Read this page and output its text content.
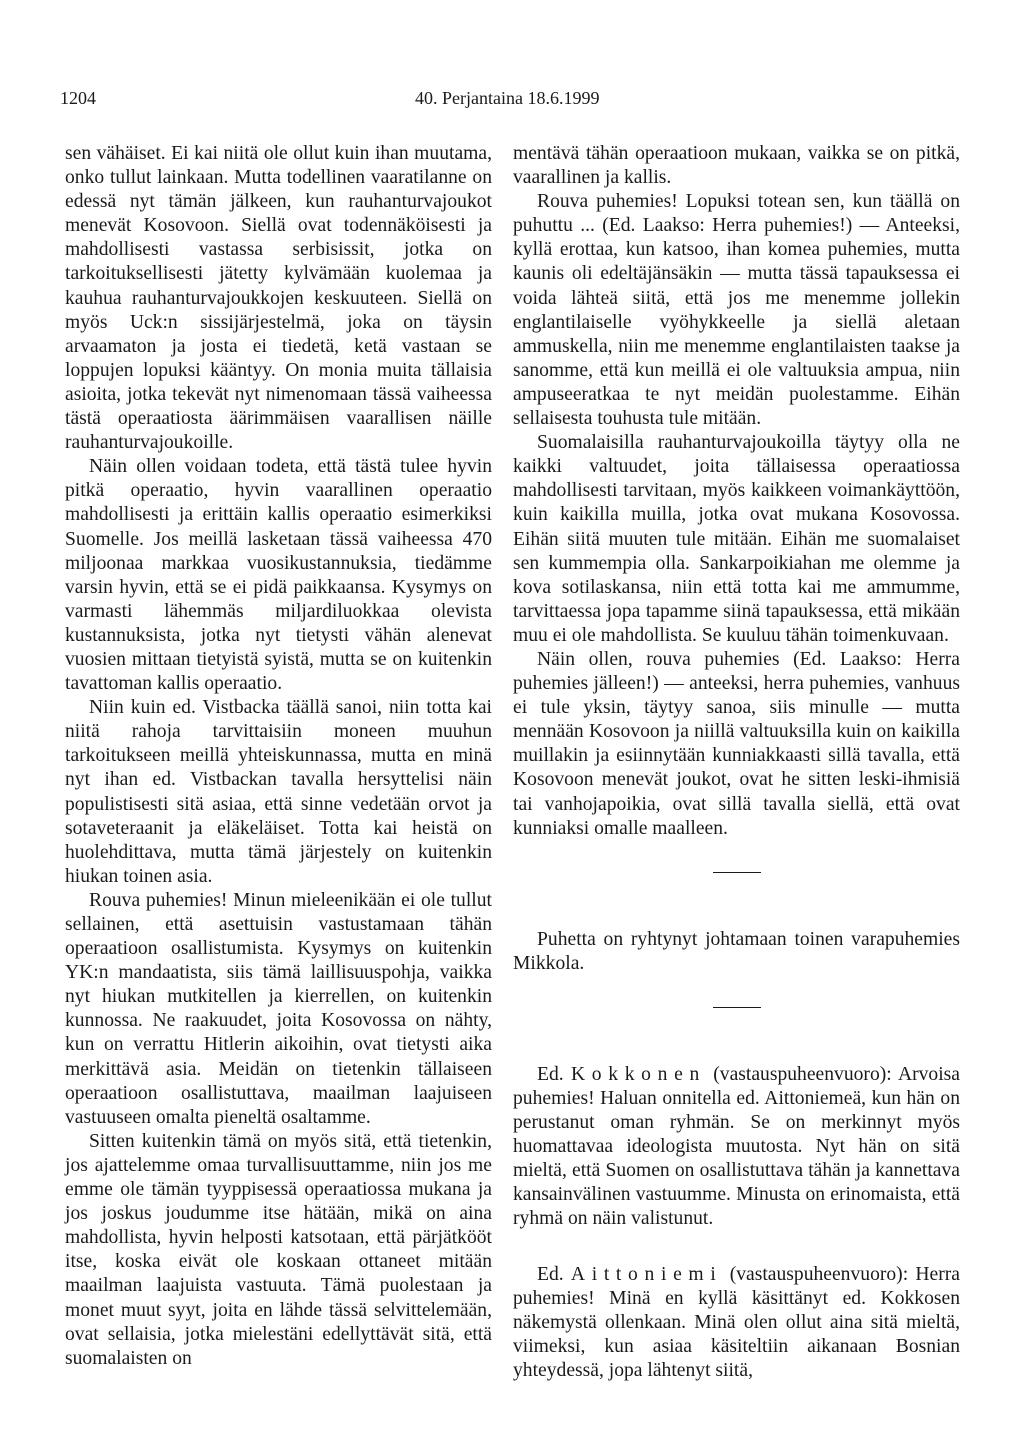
1204	40. Perjantaina 18.6.1999

sen vähäiset. Ei kai niitä ole ollut kuin ihan muutama, onko tullut lainkaan. Mutta todellinen vaaratilanne on edessä nyt tämän jälkeen, kun rauhanturvajoukot menevät Kosovoon. Siellä ovat todennäköisesti ja mahdollisesti vastassa serbisissit, jotka on tarkoituksellisesti jätetty kylvämään kuolemaa ja kauhua rauhanturvajoukkojen keskuuteen. Siellä on myös Uck:n sissijärjestelmä, joka on täysin arvaamaton ja josta ei tiedetä, ketä vastaan se loppujen lopuksi kääntyy. On monia muita tällaisia asioita, jotka tekevät nyt nimenomaan tässä vaiheessa tästä operaatiosta äärimmäisen vaarallisen näille rauhanturvajoukoille.

Näin ollen voidaan todeta, että tästä tulee hyvin pitkä operaatio, hyvin vaarallinen operaatio mahdollisesti ja erittäin kallis operaatio esimerkiksi Suomelle. Jos meillä lasketaan tässä vaiheessa 470 miljoonaa markkaa vuosikustannuksia, tiedämme varsin hyvin, että se ei pidä paikkaansa. Kysymys on varmasti lähemmäs miljardiluokkaa olevista kustannuksista, jotka nyt tietysti vähän alenevat vuosien mittaan tietyistä syistä, mutta se on kuitenkin tavattoman kallis operaatio.

Niin kuin ed. Vistbacka täällä sanoi, niin totta kai niitä rahoja tarvittaisiin moneen muuhun tarkoitukseen meillä yhteiskunnassa, mutta en minä nyt ihan ed. Vistbackan tavalla hersyttelisi näin populistisesti sitä asiaa, että sinne vedetään orvot ja sotaveteraanit ja eläkeläiset. Totta kai heistä on huolehdittava, mutta tämä järjestely on kuitenkin hiukan toinen asia.

Rouva puhemies! Minun mieleenikään ei ole tullut sellainen, että asettuisin vastustamaan tähän operaatioon osallistumista. Kysymys on kuitenkin YK:n mandaatista, siis tämä laillisuuspohja, vaikka nyt hiukan mutkitellen ja kierrellen, on kuitenkin kunnossa. Ne raakuudet, joita Kosovossa on nähty, kun on verrattu Hitlerin aikoihin, ovat tietysti aika merkittävä asia. Meidän on tietenkin tällaiseen operaatioon osallistuttava, maailman laajuiseen vastuuseen omalta pieneltä osaltamme.

Sitten kuitenkin tämä on myös sitä, että tietenkin, jos ajattelemme omaa turvallisuuttamme, niin jos me emme ole tämän tyyppisessä operaatiossa mukana ja jos joskus joudumme itse hätään, mikä on aina mahdollista, hyvin helposti katsotaan, että pärjätkööt itse, koska eivät ole koskaan ottaneet mitään maailman laajuista vastuuta. Tämä puolestaan ja monet muut syyt, joita en lähde tässä selvittelemään, ovat sellaisia, jotka mielestäni edellyttävät sitä, että suomalaisten on

mentävä tähän operaatioon mukaan, vaikka se on pitkä, vaarallinen ja kallis.

Rouva puhemies! Lopuksi totean sen, kun täällä on puhuttu ... (Ed. Laakso: Herra puhemies!) — Anteeksi, kyllä erottaa, kun katsoo, ihan komea puhemies, mutta kaunis oli edeltäjänsäkin — mutta tässä tapauksessa ei voida lähteä siitä, että jos me menemme jollekin englantilaiselle vyöhykkeelle ja siellä aletaan ammuskella, niin me menemme englantilaisten taakse ja sanomme, että kun meillä ei ole valtuuksia ampua, niin ampuseeratkaa te nyt meidän puolestamme. Eihän sellaisesta touhusta tule mitään.

Suomalaisilla rauhanturvajoukoilla täytyy olla ne kaikki valtuudet, joita tällaisessa operaatiossa mahdollisesti tarvitaan, myös kaikkeen voimankäyttöön, kuin kaikilla muilla, jotka ovat mukana Kosovossa. Eihän siitä muuten tule mitään. Eihän me suomalaiset sen kummempia olla. Sankarpoikiahan me olemme ja kova sotilaskansa, niin että totta kai me ammumme, tarvittaessa jopa tapamme siinä tapauksessa, että mikään muu ei ole mahdollista. Se kuuluu tähän toimenkuvaan.

Näin ollen, rouva puhemies (Ed. Laakso: Herra puhemies jälleen!) — anteeksi, herra puhemies, vanhuus ei tule yksin, täytyy sanoa, siis minulle — mutta mennään Kosovoon ja niillä valtuuksilla kuin on kaikilla muillakin ja esiinnytään kunniakkaasti sillä tavalla, että Kosovoon menevät joukot, ovat he sitten leski-ihmisiä tai vanhojapoikia, ovat sillä tavalla siellä, että ovat kunniaksi omalle maalleen.

Puhetta on ryhtynyt johtamaan toinen varapuhemies Mikkola.

Ed. Kokkonen (vastauspuheenvuoro): Arvoisa puhemies! Haluan onnitella ed. Aittoniemeä, kun hän on perustanut oman ryhmän. Se on merkinnyt myös huomattavaa ideologista muutosta. Nyt hän on sitä mieltä, että Suomen on osallistuttava tähän ja kannettava kansainvälinen vastuumme. Minusta on erinomaista, että ryhmä on näin valistunut.

Ed. Aittoniemi (vastauspuheenvuoro): Herra puhemies! Minä en kyllä käsittänyt ed. Kokkosen näkemystä ollenkaan. Minä olen ollut aina sitä mieltä, viimeksi, kun asiaa käsiteltiin aikanaan Bosnian yhteydessä, jopa lähtenyt siitä,
